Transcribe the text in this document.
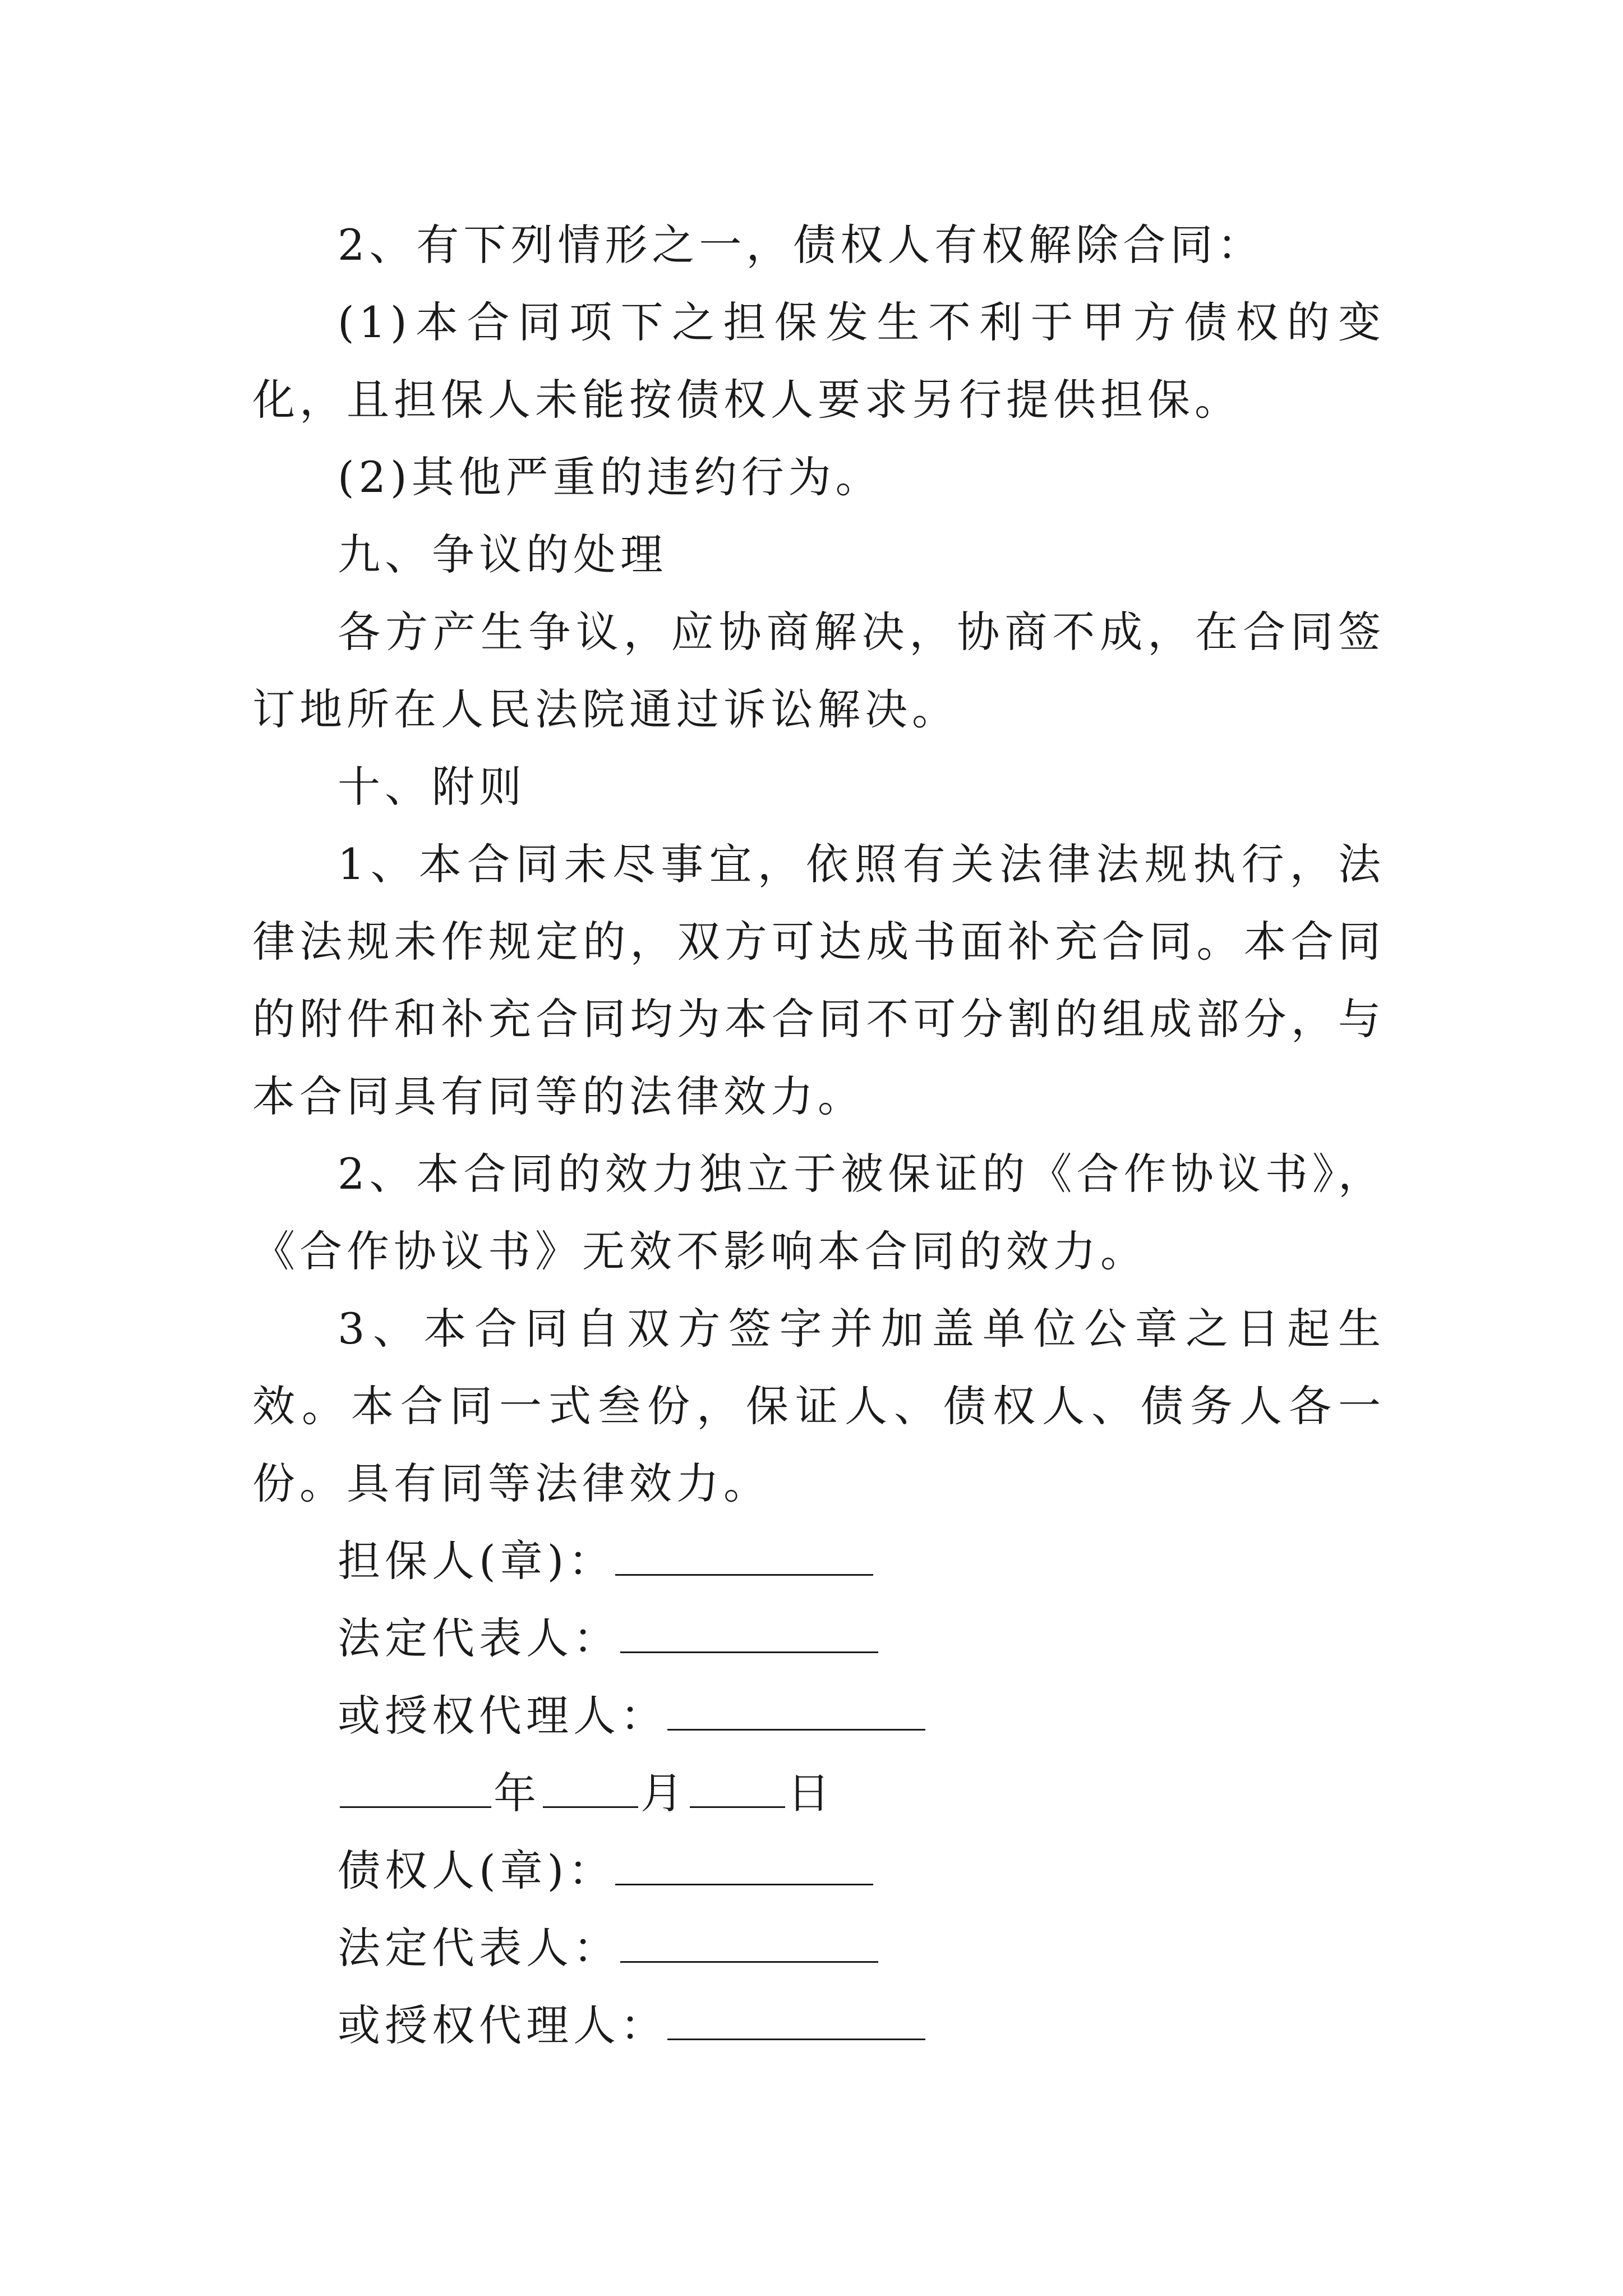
2、有下列情形之一，债权人有权解除合同：

(1)本合同项下之担保发生不利于甲方债权的变化，且担保人未能按债权人要求另行提供担保。

(2)其他严重的违约行为。

九、争议的处理

各方产生争议，应协商解决，协商不成，在合同签订地所在人民法院通过诉讼解决。

十、附则

1、本合同未尽事宜，依照有关法律法规执行，法律法规未作规定的，双方可达成书面补充合同。本合同的附件和补充合同均为本合同不可分割的组成部分，与本合同具有同等的法律效力。

2、本合同的效力独立于被保证的《合作协议书》，《合作协议书》无效不影响本合同的效力。

3、本合同自双方签字并加盖单位公章之日起生效。本合同一式叁份，保证人、债权人、债务人各一份。具有同等法律效力。

担保人(章)：
法定代表人：
或授权代理人：
年 月 日
债权人(章)：
法定代表人：
或授权代理人：
